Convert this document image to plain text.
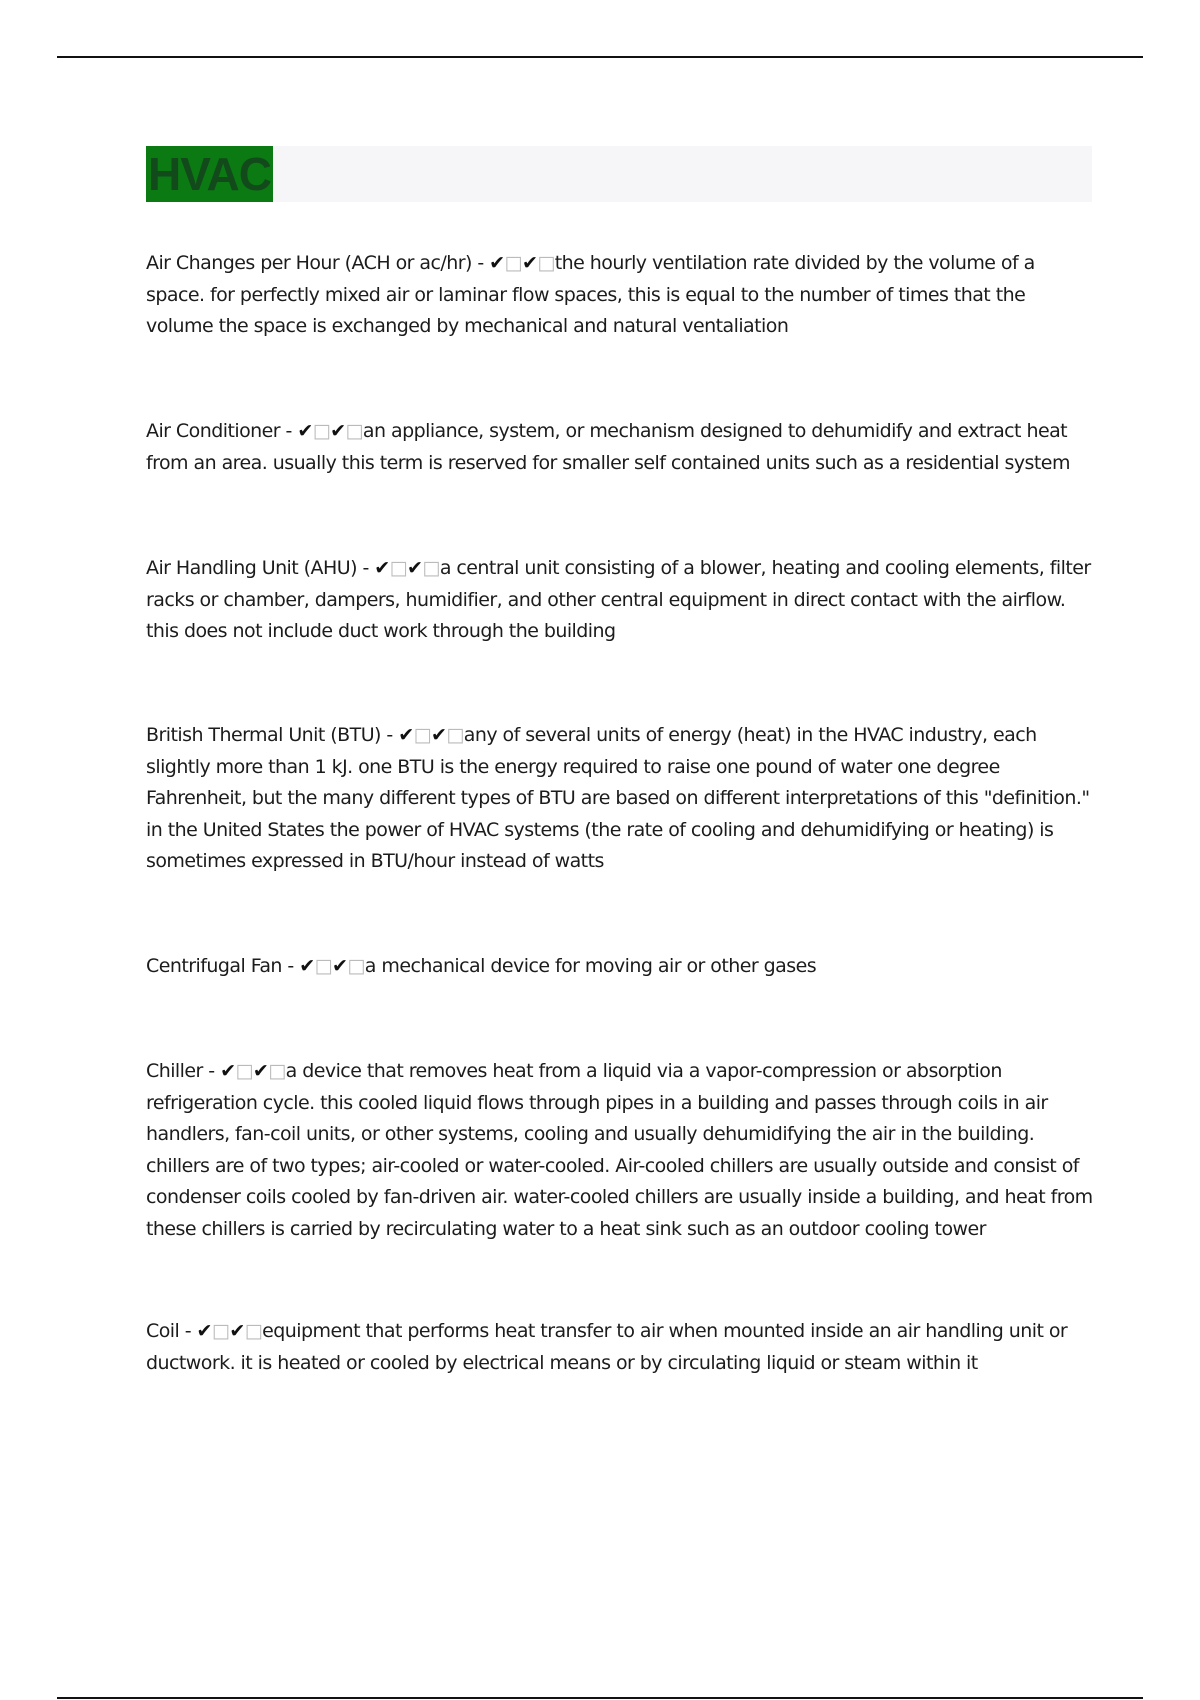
HVAC

Air Changes per Hour (ACH or ac/hr) - ✔□✔□the hourly ventilation rate divided by the volume of a space. for perfectly mixed air or laminar flow spaces, this is equal to the number of times that the volume the space is exchanged by mechanical and natural ventaliation

Air Conditioner - ✔□✔□an appliance, system, or mechanism designed to dehumidify and extract heat from an area. usually this term is reserved for smaller self contained units such as a residential system

Air Handling Unit (AHU) - ✔□✔□a central unit consisting of a blower, heating and cooling elements, filter racks or chamber, dampers, humidifier, and other central equipment in direct contact with the airflow. this does not include duct work through the building

British Thermal Unit (BTU) - ✔□✔□any of several units of energy (heat) in the HVAC industry, each slightly more than 1 kJ. one BTU is the energy required to raise one pound of water one degree Fahrenheit, but the many different types of BTU are based on different interpretations of this "definition." in the United States the power of HVAC systems (the rate of cooling and dehumidifying or heating) is sometimes expressed in BTU/hour instead of watts

Centrifugal Fan - ✔□✔□a mechanical device for moving air or other gases

Chiller - ✔□✔□a device that removes heat from a liquid via a vapor-compression or absorption refrigeration cycle. this cooled liquid flows through pipes in a building and passes through coils in air handlers, fan-coil units, or other systems, cooling and usually dehumidifying the air in the building. chillers are of two types; air-cooled or water-cooled. Air-cooled chillers are usually outside and consist of condenser coils cooled by fan-driven air. water-cooled chillers are usually inside a building, and heat from these chillers is carried by recirculating water to a heat sink such as an outdoor cooling tower

Coil - ✔□✔□equipment that performs heat transfer to air when mounted inside an air handling unit or ductwork. it is heated or cooled by electrical means or by circulating liquid or steam within it
